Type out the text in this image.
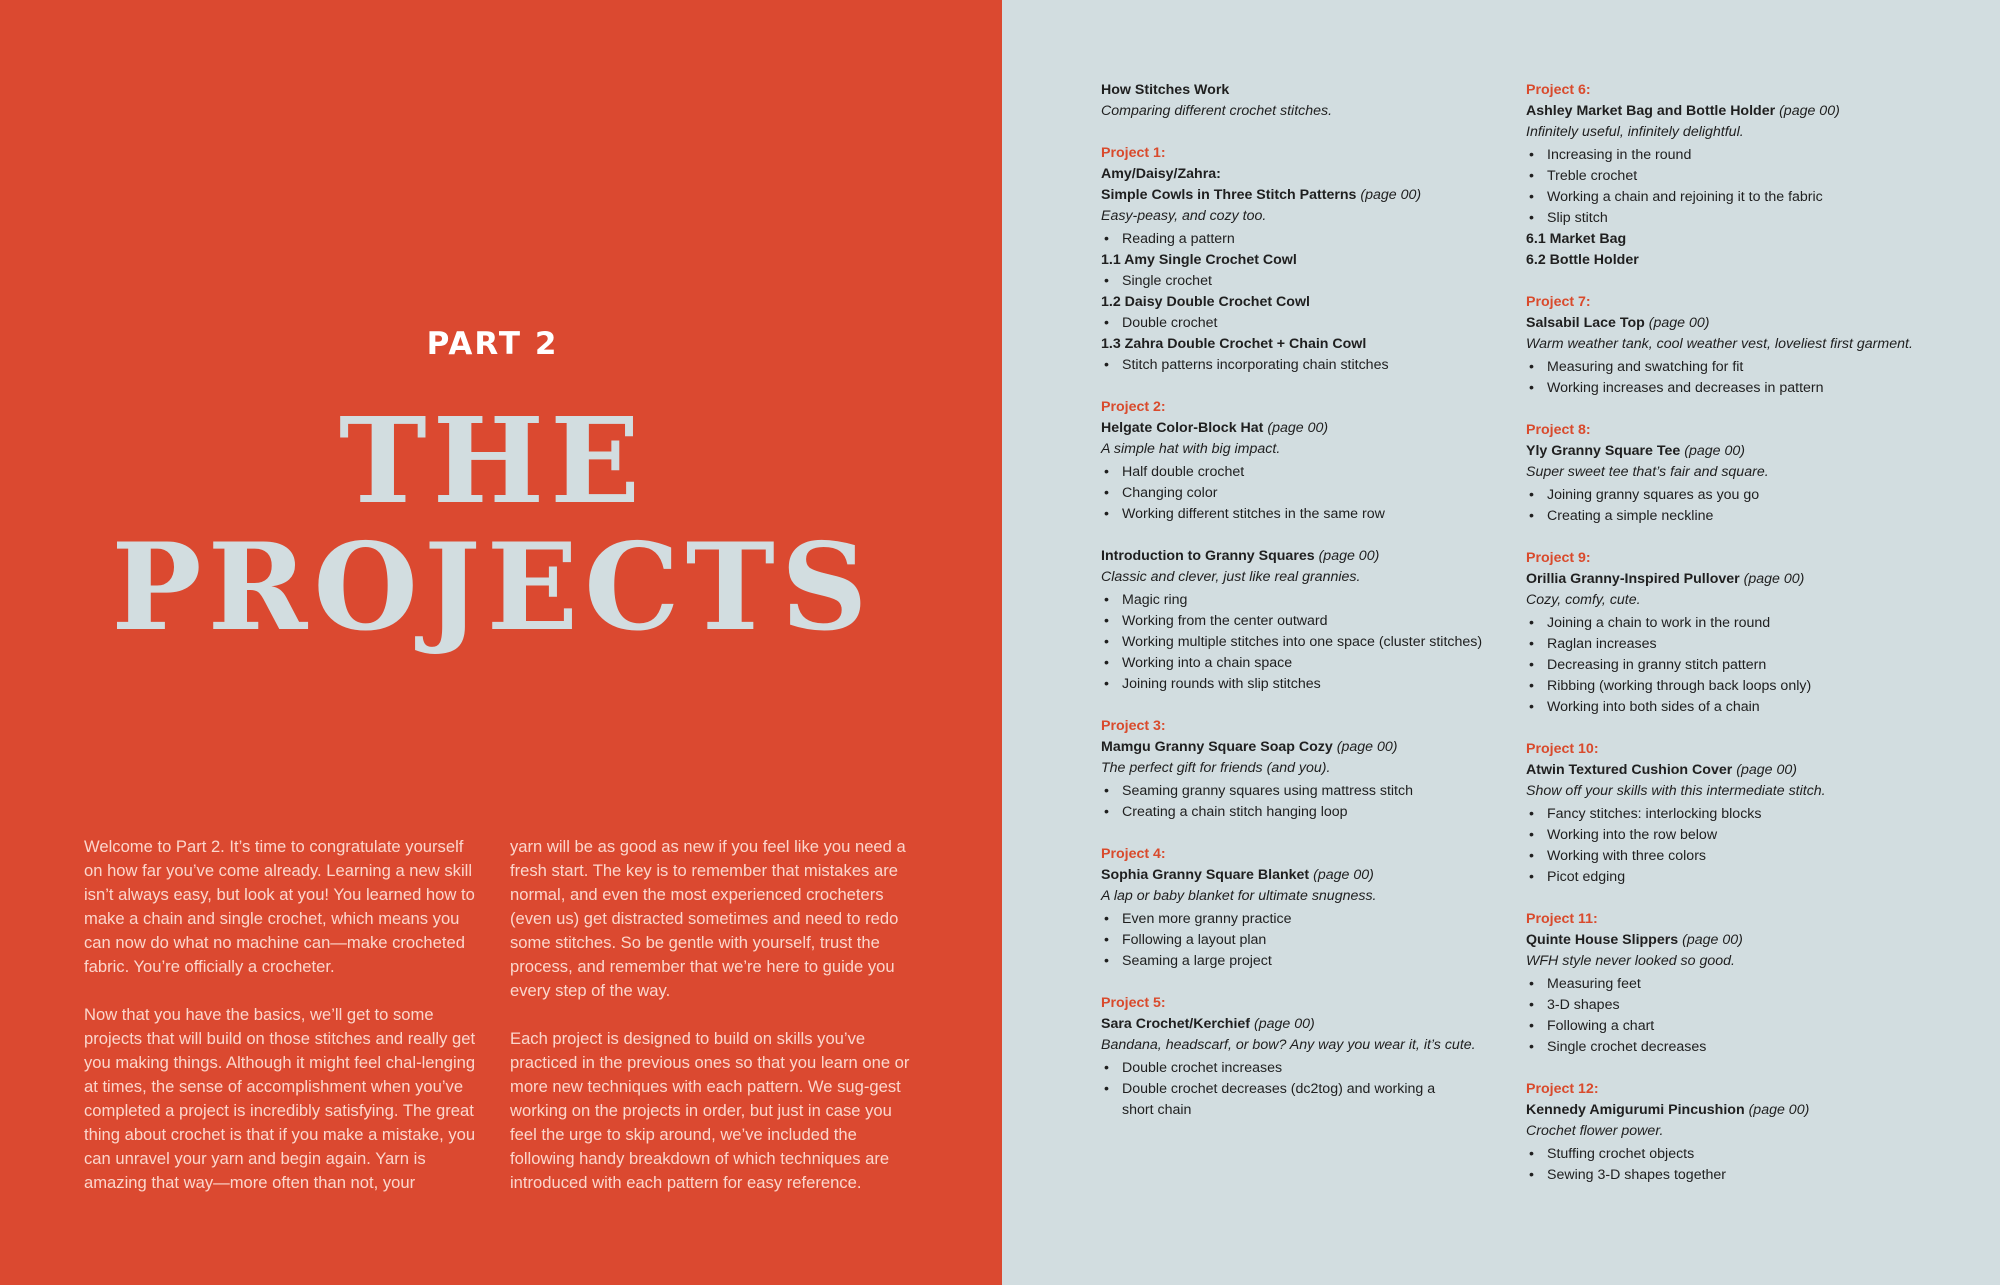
PART 2
THE
PROJECTS

Welcome to Part 2. It’s time to congratulate yourself on how far you’ve come already. Learning a new skill isn’t always easy, but look at you! You learned how to make a chain and single crochet, which means you can now do what no machine can—make crocheted fabric. You’re officially a crocheter.

Now that you have the basics, we’ll get to some projects that will build on those stitches and really get you making things. Although it might feel chal-lenging at times, the sense of accomplishment when you’ve completed a project is incredibly satisfying. The great thing about crochet is that if you make a mistake, you can unravel your yarn and begin again. Yarn is amazing that way—more often than not, your

yarn will be as good as new if you feel like you need a fresh start. The key is to remember that mistakes are normal, and even the most experienced crocheters (even us) get distracted sometimes and need to redo some stitches. So be gentle with yourself, trust the process, and remember that we’re here to guide you every step of the way.

Each project is designed to build on skills you’ve practiced in the previous ones so that you learn one or more new techniques with each pattern. We sug-gest working on the projects in order, but just in case you feel the urge to skip around, we’ve included the following handy breakdown of which techniques are introduced with each pattern for easy reference.

How Stitches Work
Comparing different crochet stitches.
Project 1:
Amy/Daisy/Zahra:
Simple Cowls in Three Stitch Patterns (page 00)
Easy-peasy, and cozy too.
• Reading a pattern
1.1 Amy Single Crochet Cowl
• Single crochet
1.2 Daisy Double Crochet Cowl
• Double crochet
1.3 Zahra Double Crochet + Chain Cowl
• Stitch patterns incorporating chain stitches
Project 2:
Helgate Color-Block Hat (page 00)
A simple hat with big impact.
• Half double crochet
• Changing color
• Working different stitches in the same row
Introduction to Granny Squares (page 00)
Classic and clever, just like real grannies.
• Magic ring
• Working from the center outward
• Working multiple stitches into one space (cluster stitches)
• Working into a chain space
• Joining rounds with slip stitches
Project 3:
Mamgu Granny Square Soap Cozy (page 00)
The perfect gift for friends (and you).
• Seaming granny squares using mattress stitch
• Creating a chain stitch hanging loop
Project 4:
Sophia Granny Square Blanket (page 00)
A lap or baby blanket for ultimate snugness.
• Even more granny practice
• Following a layout plan
• Seaming a large project
Project 5:
Sara Crochet/Kerchief (page 00)
Bandana, headscarf, or bow? Any way you wear it, it’s cute.
• Double crochet increases
• Double crochet decreases (dc2tog) and working a short chain
Project 6:
Ashley Market Bag and Bottle Holder (page 00)
Infinitely useful, infinitely delightful.
• Increasing in the round
• Treble crochet
• Working a chain and rejoining it to the fabric
• Slip stitch
6.1 Market Bag
6.2 Bottle Holder
Project 7:
Salsabil Lace Top (page 00)
Warm weather tank, cool weather vest, loveliest first garment.
• Measuring and swatching for fit
• Working increases and decreases in pattern
Project 8:
Yly Granny Square Tee (page 00)
Super sweet tee that’s fair and square.
• Joining granny squares as you go
• Creating a simple neckline
Project 9:
Orillia Granny-Inspired Pullover (page 00)
Cozy, comfy, cute.
• Joining a chain to work in the round
• Raglan increases
• Decreasing in granny stitch pattern
• Ribbing (working through back loops only)
• Working into both sides of a chain
Project 10:
Atwin Textured Cushion Cover (page 00)
Show off your skills with this intermediate stitch.
• Fancy stitches: interlocking blocks
• Working into the row below
• Working with three colors
• Picot edging
Project 11:
Quinte House Slippers (page 00)
WFH style never looked so good.
• Measuring feet
• 3-D shapes
• Following a chart
• Single crochet decreases
Project 12:
Kennedy Amigurumi Pincushion (page 00)
Crochet flower power.
• Stuffing crochet objects
• Sewing 3-D shapes together
